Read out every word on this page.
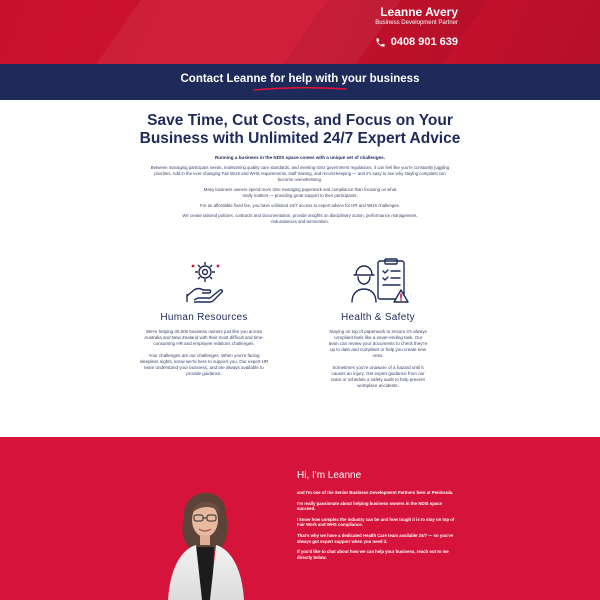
Leanne Avery
Business Development Partner
0408 901 639
Contact Leanne for help with your business
Save Time, Cut Costs, and Focus on Your Business with Unlimited 24/7 Expert Advice
Running a business in the NDIS space comes with a unique set of challenges.

Between managing participant needs, maintaining quality care standards, and meeting strict government regulations, it can feel like you're constantly juggling priorities. Add in the ever-changing Fair Work and WHS requirements, staff training, and record-keeping — and it's easy to see why staying compliant can become overwhelming.

Many business owners spend more time managing paperwork and compliance than focusing on what really matters — providing great support to their participants.

For an affordable fixed fee, you have unlimited 24/7 access to expert advice for HR and WHS challenges.

We create tailored policies, contracts and documentation, provide insights on disciplinary action, performance management, redundancies and termination.

Human Resources

We're helping 30,500 business owners just like you across Australia and New Zealand with their most difficult and time-consuming HR and employee relations challenges.

Your challenges are our challenges. When you're facing sleepless nights, know we're here to support you. Our expert HR team understand your business, and are always available to provide guidance.

Health & Safety

Staying on top of paperwork to ensure it's always compliant feels like a never-ending task. Our team can review your documents to check they're up to date and compliant or help you create new ones.

Sometimes you're unaware of a hazard until it causes an injury. Get expert guidance from our team or schedule a safety audit to help prevent workplace accidents.

Hi, I'm Leanne

and I'm one of the Senior Business Development Partners here at Peninsula.

I'm really passionate about helping business owners in the NDIS space succeed.

I know how complex the industry can be and how tough it is to stay on top of Fair Work and WHS compliance.

That's why we have a dedicated Health Care team available 24/7 — so you've always got expert support when you need it.

If you'd like to chat about how we can help your business, reach out to me directly below.
